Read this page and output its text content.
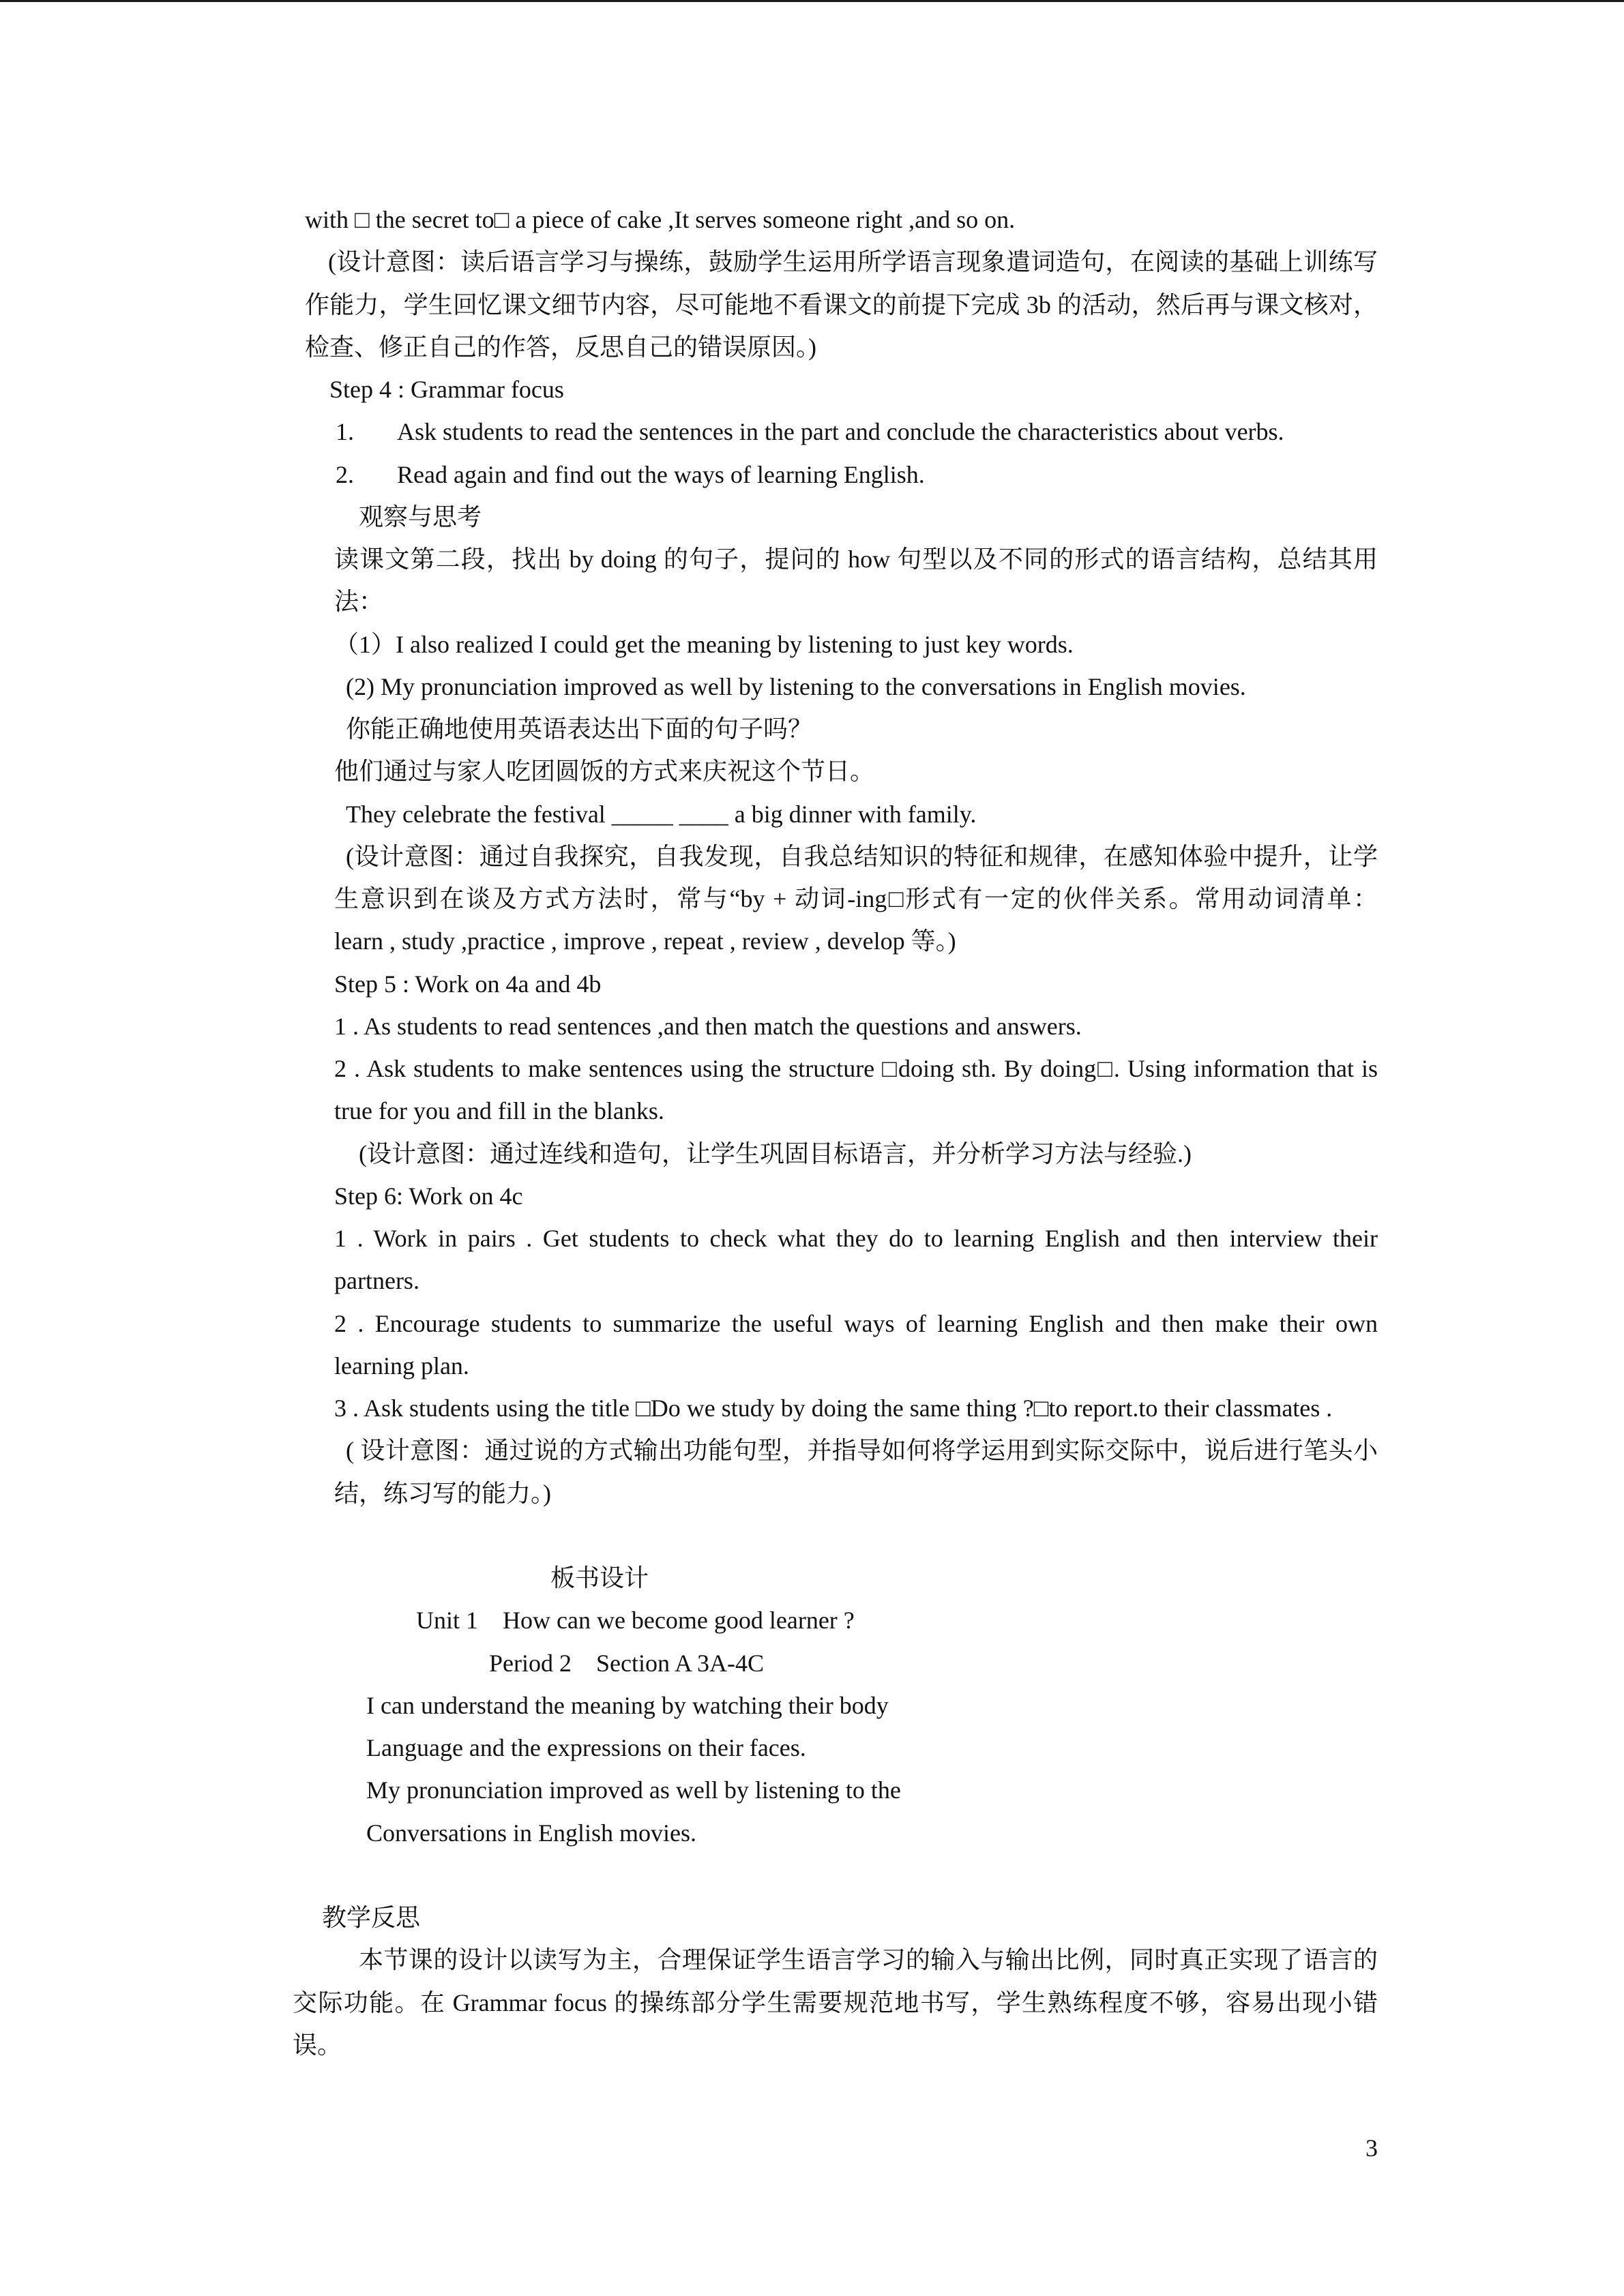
with □ the secret to□ a piece of cake ,It serves someone right ,and so on.
(设计意图：读后语言学习与操练，鼓励学生运用所学语言现象遣词造句，在阅读的基础上训练写
作能力，学生回忆课文细节内容，尽可能地不看课文的前提下完成 3b 的活动，然后再与课文核对，
检查、修正自己的作答，反思自己的错误原因。)
Step 4 : Grammar focus

1.

Ask students to read the sentences in the part and conclude the characteristics about verbs.

2.

Read again and find out the ways of learning English.

观察与思考
读课文第二段，找出 by doing 的句子，提问的 how 句型以及不同的形式的语言结构，总结其用
法：
（1）I also realized I could get the meaning by listening to just key words.
(2) My pronunciation improved as well by listening to the conversations in English movies.
你能正确地使用英语表达出下面的句子吗？
他们通过与家人吃团圆饭的方式来庆祝这个节日。
They celebrate the festival _____ ____ a big dinner with family.
(设计意图：通过自我探究，自我发现，自我总结知识的特征和规律，在感知体验中提升，让学
生意识到在谈及方式方法时，常与“by + 动词-ing□形式有一定的伙伴关系。常用动词清单：
learn , study ,practice , improve , repeat , review , develop 等。)
Step 5 : Work on 4a and 4b
1 . As students to read sentences ,and then match the questions and answers.
2 . Ask students to make sentences using the structure □doing sth. By doing□. Using information that is
true for you and fill in the blanks.
(设计意图：通过连线和造句，让学生巩固目标语言，并分析学习方法与经验.)
Step 6: Work on 4c
1 . Work in pairs . Get students to check what they do to learning English and then interview their
partners.
2 . Encourage students to summarize the useful ways of learning English and then make their own
learning plan.
3 . Ask students using the title □Do we study by doing the same thing ?□to report.to their classmates .
( 设计意图：通过说的方式输出功能句型，并指导如何将学运用到实际交际中，说后进行笔头小
结，练习写的能力。)
板书设计
Unit 1    How can we become good learner ?
Period 2    Section A 3A-4C
I can understand the meaning by watching their body
Language and the expressions on their faces.
My pronunciation improved as well by listening to the
Conversations in English movies.
教学反思
本节课的设计以读写为主，合理保证学生语言学习的输入与输出比例，同时真正实现了语言的
交际功能。在 Grammar focus 的操练部分学生需要规范地书写，学生熟练程度不够，容易出现小错
误。
3
